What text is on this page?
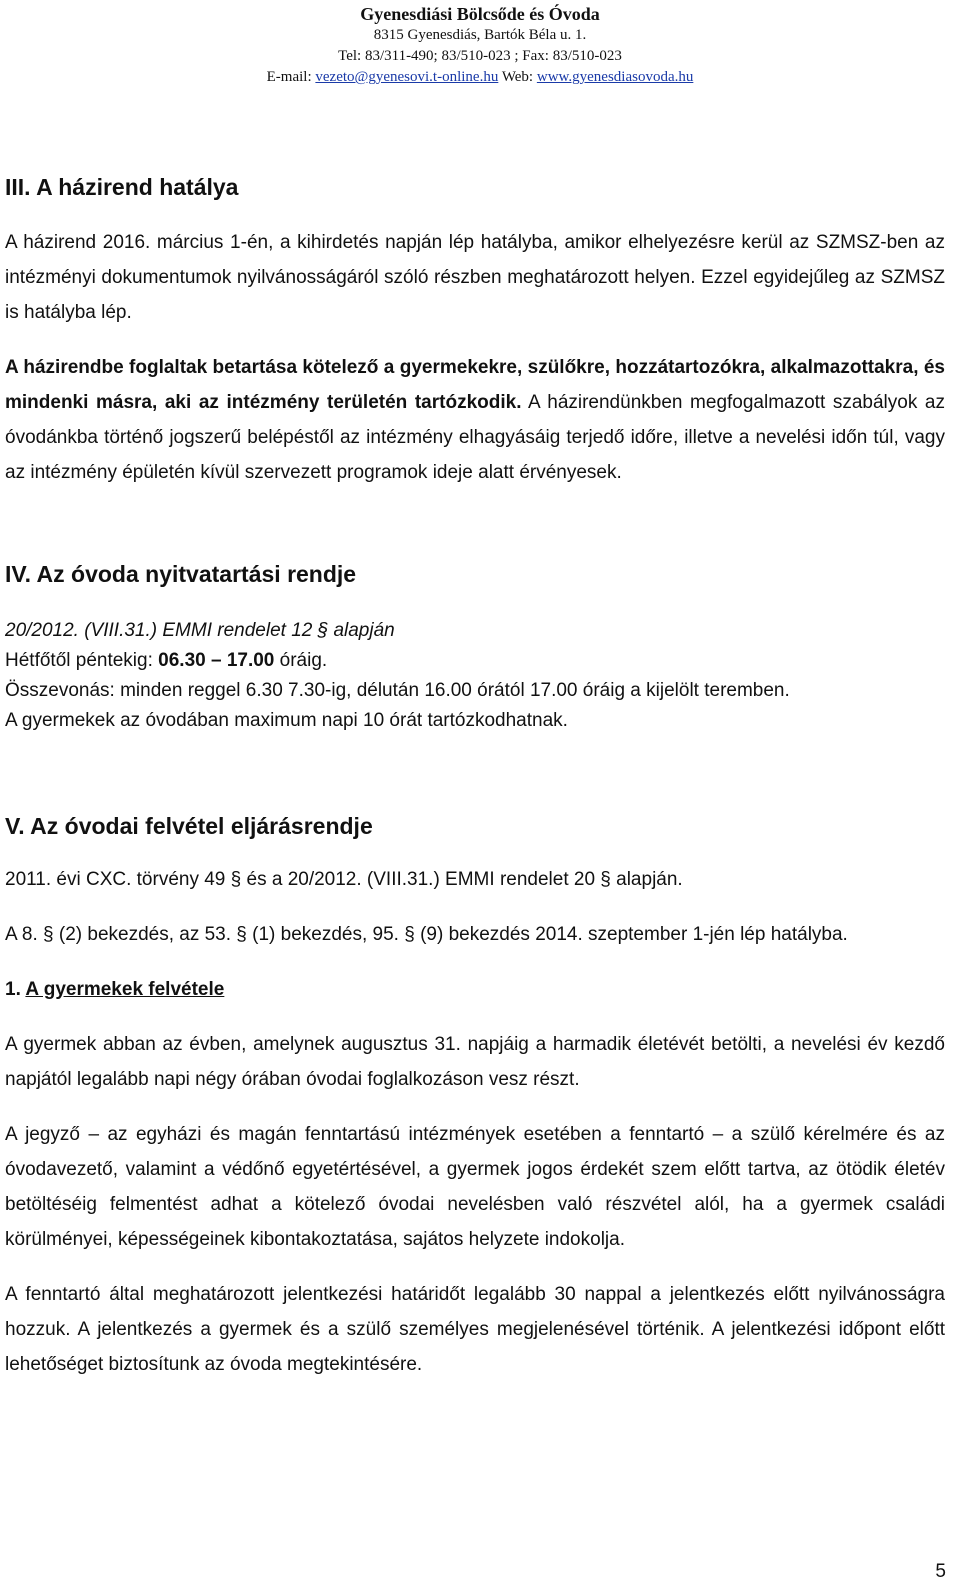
Gyenesdiási Bölcsőde és Óvoda
8315 Gyenesdiás, Bartók Béla u. 1.
Tel: 83/311-490; 83/510-023 ; Fax: 83/510-023
E-mail: vezeto@gyenesovi.t-online.hu Web: www.gyenesdiasovoda.hu
III. A házirend hatálya

A házirend 2016. március 1-én, a kihirdetés napján lép hatályba, amikor elhelyezésre kerül az SZMSZ-ben az intézményi dokumentumok nyilvánosságáról szóló részben meghatározott helyen. Ezzel egyidejűleg az SZMSZ is hatályba lép.

A házirendbe foglaltak betartása kötelező a gyermekekre, szülőkre, hozzátartozókra, alkalmazottakra, és mindenki másra, aki az intézmény területén tartózkodik. A házirendünkben megfogalmazott szabályok az óvodánkba történő jogszerű belépéstől az intézmény elhagyásáig terjedő időre, illetve a nevelési időn túl, vagy az intézmény épületén kívül szervezett programok ideje alatt érvényesek.

IV. Az óvoda nyitvatartási rendje

20/2012. (VIII.31.) EMMI rendelet 12 § alapján

Hétfőtől péntekig: 06.30 – 17.00 óráig.

Összevonás: minden reggel 6.30 7.30-ig, délután 16.00 órától 17.00 óráig a kijelölt teremben.

A gyermekek az óvodában maximum napi 10 órát tartózkodhatnak.

V. Az óvodai felvétel eljárásrendje

2011. évi CXC. törvény 49 § és a 20/2012. (VIII.31.) EMMI rendelet 20 § alapján.

A 8. § (2) bekezdés, az 53. § (1) bekezdés, 95. § (9) bekezdés 2014. szeptember 1-jén lép hatályba.

1. A gyermekek felvétele

A gyermek abban az évben, amelynek augusztus 31. napjáig a harmadik életévét betölti, a nevelési év kezdő napjától legalább napi négy órában óvodai foglalkozáson vesz részt.

A jegyző – az egyházi és magán fenntartású intézmények esetében a fenntartó – a szülő kérelmére és az óvodavezető, valamint a védőnő egyetértésével, a gyermek jogos érdekét szem előtt tartva, az ötödik életév betöltéséig felmentést adhat a kötelező óvodai nevelésben való részvétel alól, ha a gyermek családi körülményei, képességeinek kibontakoztatása, sajátos helyzete indokolja.

A fenntartó által meghatározott jelentkezési határidőt legalább 30 nappal a jelentkezés előtt nyilvánosságra hozzuk. A jelentkezés a gyermek és a szülő személyes megjelenésével történik. A jelentkezési időpont előtt lehetőséget biztosítunk az óvoda megtekintésére.

5
